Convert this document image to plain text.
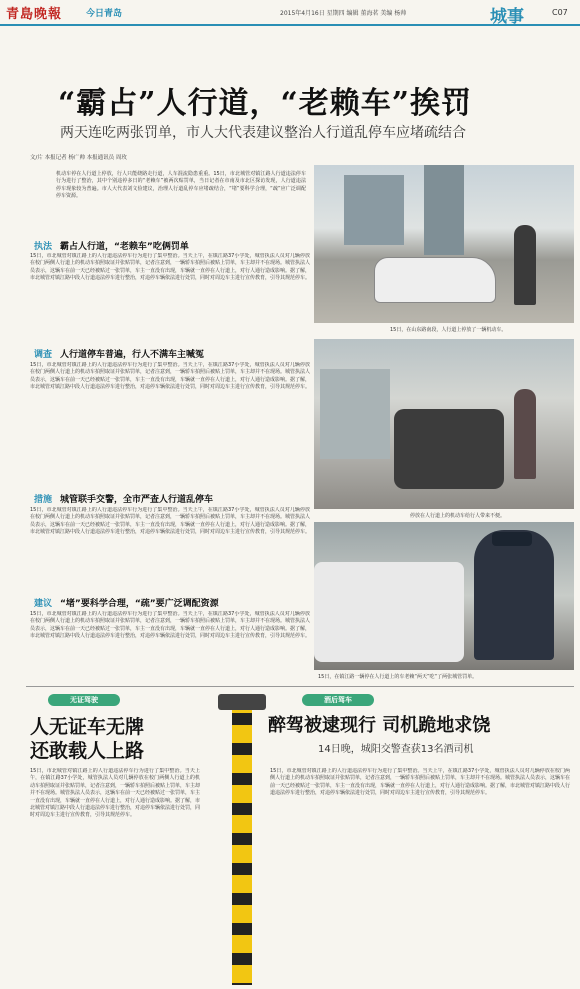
青島晚報	今日青岛	2015年4月16日 星期四 编辑 董海茗 美编 杨帅	城事	C07
“霸占”人行道，“老赖车”挨罚
两天连吃两张罚单，市人大代表建议整治人行道乱停车应堵疏结合
文/片 本报记者 杨广帅 本报通讯员 周玫
机动车停在人行道上停放，行人只能绕路走行道，人车混流隐患重重。15日，市北城管对镇江路人行道违法停车行为进行了整治，其中个别违停多日的“老赖车”被两次贴罚单，当日记者在市南及市北区探访发现，人行道违法停车现象较为普遍。市人大代表刘文俭建议，治理人行道乱停车应堵疏结合，“堵”要科学合理，“疏”应广泛调配停车资源。
15日，在山东路南段，人行道上停放了一辆机动车。
停放在人行道上的机动车给行人带来不便。
15日，在镇江路一辆停在人行道上的车老赖“两天”吃“了两张城管罚单。
执法 霸占人行道，“老赖车”吃俩罚单
15日，市北城管对镇江路上的人行道违法停车行为进行了集中整治。当天上午，在镇江路37小学处，城管执法人员对几辆停放在校门两侧人行道上的机动车拍照取证并张贴罚单，记者注意到，一辆轿车拍照后被贴上罚单，车主却并不在现场。城管执法人员表示，这辆车在前一天已经被贴过一张罚单，车主一直没有出现，车辆就一直停在人行道上，对行人通行造成影响。据了解，市北城管对镇江路中段人行道违法停车进行整治，对违停车辆依法进行处罚，同时对周边车主进行宣传教育，引导其规范停车。
调查 人行道停车普遍，行人不满车主喊冤
15日，市北城管对镇江路上的人行道违法停车行为进行了集中整治。当天上午，在镇江路37小学处，城管执法人员对几辆停放在校门两侧人行道上的机动车拍照取证并张贴罚单，记者注意到，一辆轿车拍照后被贴上罚单，车主却并不在现场。城管执法人员表示，这辆车在前一天已经被贴过一张罚单，车主一直没有出现，车辆就一直停在人行道上，对行人通行造成影响。据了解，市北城管对镇江路中段人行道违法停车进行整治，对违停车辆依法进行处罚，同时对周边车主进行宣传教育，引导其规范停车。
措施 城管联手交警，全市严查人行道乱停车
15日，市北城管对镇江路上的人行道违法停车行为进行了集中整治。当天上午，在镇江路37小学处，城管执法人员对几辆停放在校门两侧人行道上的机动车拍照取证并张贴罚单，记者注意到，一辆轿车拍照后被贴上罚单，车主却并不在现场。城管执法人员表示，这辆车在前一天已经被贴过一张罚单，车主一直没有出现，车辆就一直停在人行道上，对行人通行造成影响。据了解，市北城管对镇江路中段人行道违法停车进行整治，对违停车辆依法进行处罚，同时对周边车主进行宣传教育，引导其规范停车。
建议 “堵”要科学合理，“疏”要广泛调配资源
15日，市北城管对镇江路上的人行道违法停车行为进行了集中整治。当天上午，在镇江路37小学处，城管执法人员对几辆停放在校门两侧人行道上的机动车拍照取证并张贴罚单，记者注意到，一辆轿车拍照后被贴上罚单，车主却并不在现场。城管执法人员表示，这辆车在前一天已经被贴过一张罚单，车主一直没有出现，车辆就一直停在人行道上，对行人通行造成影响。据了解，市北城管对镇江路中段人行道违法停车进行整治，对违停车辆依法进行处罚，同时对周边车主进行宣传教育，引导其规范停车。
无证驾驶
人无证车无牌
还敢载人上路
15日，市北城管对镇江路上的人行道违法停车行为进行了集中整治。当天上午，在镇江路37小学处，城管执法人员对几辆停放在校门两侧人行道上的机动车拍照取证并张贴罚单，记者注意到，一辆轿车拍照后被贴上罚单，车主却并不在现场。城管执法人员表示，这辆车在前一天已经被贴过一张罚单，车主一直没有出现，车辆就一直停在人行道上，对行人通行造成影响。据了解，市北城管对镇江路中段人行道违法停车进行整治，对违停车辆依法进行处罚，同时对周边车主进行宣传教育，引导其规范停车。
酒后驾车
醉驾被逮现行 司机跪地求饶
14日晚，城阳交警查获13名酒司机
15日，市北城管对镇江路上的人行道违法停车行为进行了集中整治。当天上午，在镇江路37小学处，城管执法人员对几辆停放在校门两侧人行道上的机动车拍照取证并张贴罚单，记者注意到，一辆轿车拍照后被贴上罚单，车主却并不在现场。城管执法人员表示，这辆车在前一天已经被贴过一张罚单，车主一直没有出现，车辆就一直停在人行道上，对行人通行造成影响。据了解，市北城管对镇江路中段人行道违法停车进行整治，对违停车辆依法进行处罚，同时对周边车主进行宣传教育，引导其规范停车。
